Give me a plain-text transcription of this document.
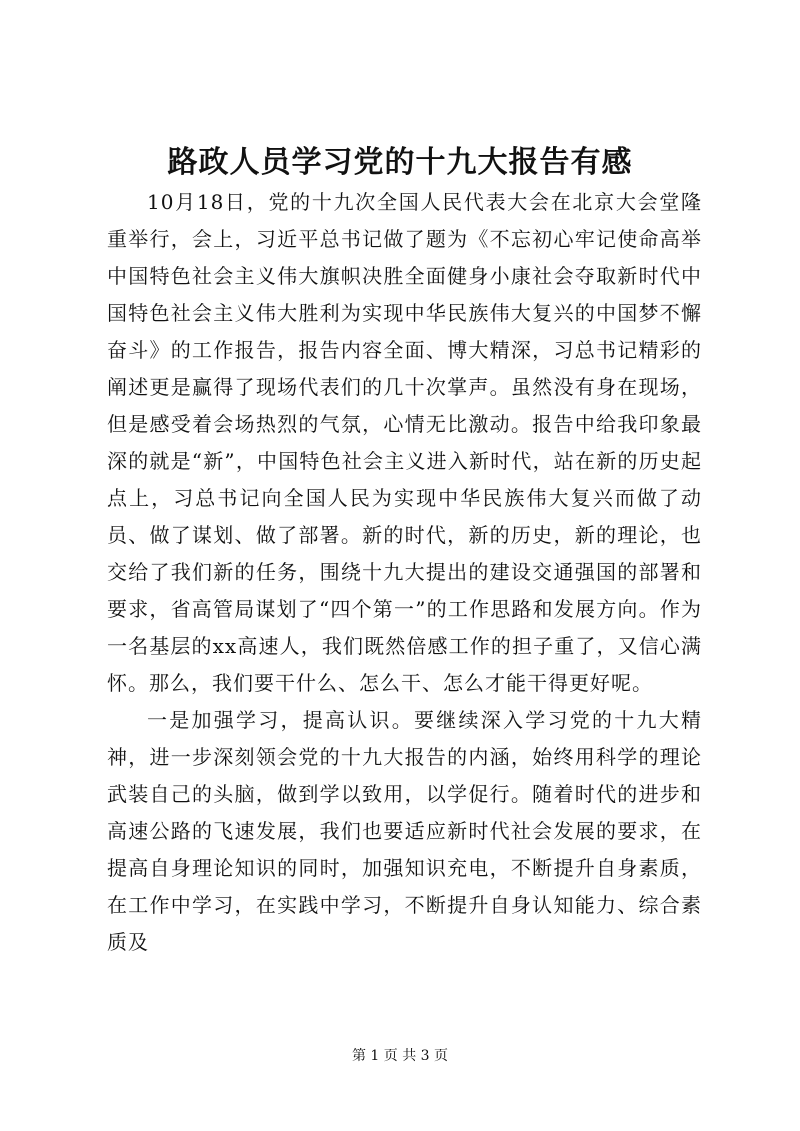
路政人员学习党的十九大报告有感

10月18日，党的十九次全国人民代表大会在北京大会堂隆重举行，会上，习近平总书记做了题为《不忘初心牢记使命高举中国特色社会主义伟大旗帜决胜全面健身小康社会夺取新时代中国特色社会主义伟大胜利为实现中华民族伟大复兴的中国梦不懈奋斗》的工作报告，报告内容全面、博大精深，习总书记精彩的阐述更是赢得了现场代表们的几十次掌声。虽然没有身在现场，但是感受着会场热烈的气氛，心情无比激动。报告中给我印象最深的就是“新”，中国特色社会主义进入新时代，站在新的历史起点上，习总书记向全国人民为实现中华民族伟大复兴而做了动员、做了谋划、做了部署。新的时代，新的历史，新的理论，也交给了我们新的任务，围绕十九大提出的建设交通强国的部署和要求，省高管局谋划了“四个第一”的工作思路和发展方向。作为一名基层的xx高速人，我们既然倍感工作的担子重了，又信心满怀。那么，我们要干什么、怎么干、怎么才能干得更好呢。

一是加强学习，提高认识。要继续深入学习党的十九大精神，进一步深刻领会党的十九大报告的内涵，始终用科学的理论武装自己的头脑，做到学以致用，以学促行。随着时代的进步和高速公路的飞速发展，我们也要适应新时代社会发展的要求，在提高自身理论知识的同时，加强知识充电，不断提升自身素质，在工作中学习，在实践中学习，不断提升自身认知能力、综合素质及

第 1 页 共 3 页
